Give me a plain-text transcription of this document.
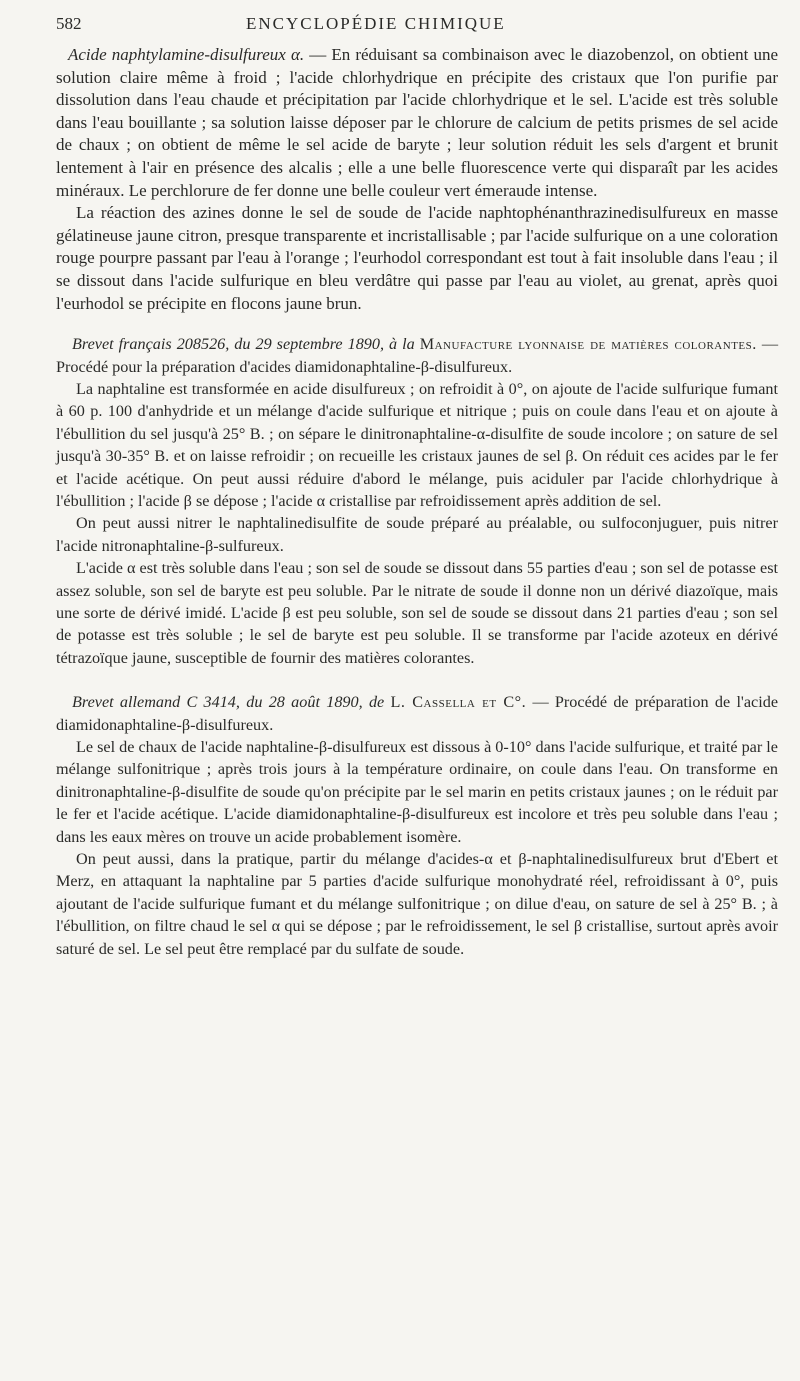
582	ENCYCLOPÉDIE CHIMIQUE

Acide naphtylamine-disulfureux α. — En réduisant sa combinaison avec le diazobenzol, on obtient une solution claire même à froid ; l'acide chlorhydrique en précipite des cristaux que l'on purifie par dissolution dans l'eau chaude et précipitation par l'acide chlorhydrique et le sel. L'acide est très soluble dans l'eau bouillante ; sa solution laisse déposer par le chlorure de calcium de petits prismes de sel acide de chaux ; on obtient de même le sel acide de baryte ; leur solution réduit les sels d'argent et brunit lentement à l'air en présence des alcalis ; elle a une belle fluorescence verte qui disparaît par les acides minéraux. Le perchlorure de fer donne une belle couleur vert émeraude intense.

La réaction des azines donne le sel de soude de l'acide naphtophénanthrazinedisulfureux en masse gélatineuse jaune citron, presque transparente et incristallisable ; par l'acide sulfurique on a une coloration rouge pourpre passant par l'eau à l'orange ; l'eurhodol correspondant est tout à fait insoluble dans l'eau ; il se dissout dans l'acide sulfurique en bleu verdâtre qui passe par l'eau au violet, au grenat, après quoi l'eurhodol se précipite en flocons jaune brun.

Brevet français 208526, du 29 septembre 1890, à la Manufacture lyonnaise de matières colorantes. — Procédé pour la préparation d'acides diamidonaphtaline-β-disulfureux.

La naphtaline est transformée en acide disulfureux ; on refroidit à 0°, on ajoute de l'acide sulfurique fumant à 60 p. 100 d'anhydride et un mélange d'acide sulfurique et nitrique ; puis on coule dans l'eau et on ajoute à l'ébullition du sel jusqu'à 25° B. ; on sépare le dinitronaphtaline-α-disulfite de soude incolore ; on sature de sel jusqu'à 30-35° B. et on laisse refroidir ; on recueille les cristaux jaunes de sel β. On réduit ces acides par le fer et l'acide acétique. On peut aussi réduire d'abord le mélange, puis aciduler par l'acide chlorhydrique à l'ébullition ; l'acide β se dépose ; l'acide α cristallise par refroidissement après addition de sel.

On peut aussi nitrer le naphtalinedisulfite de soude préparé au préalable, ou sulfoconjuguer, puis nitrer l'acide nitronaphtaline-β-sulfureux.

L'acide α est très soluble dans l'eau ; son sel de soude se dissout dans 55 parties d'eau ; son sel de potasse est assez soluble, son sel de baryte est peu soluble. Par le nitrate de soude il donne non un dérivé diazoïque, mais une sorte de dérivé imidé. L'acide β est peu soluble, son sel de soude se dissout dans 21 parties d'eau ; son sel de potasse est très soluble ; le sel de baryte est peu soluble. Il se transforme par l'acide azoteux en dérivé tétrazoïque jaune, susceptible de fournir des matières colorantes.

Brevet allemand C 3414, du 28 août 1890, de L. Cassella et C°. — Procédé de préparation de l'acide diamidonaphtaline-β-disulfureux.

Le sel de chaux de l'acide naphtaline-β-disulfureux est dissous à 0-10° dans l'acide sulfurique, et traité par le mélange sulfonitrique ; après trois jours à la température ordinaire, on coule dans l'eau. On transforme en dinitronaphtaline-β-disulfite de soude qu'on précipite par le sel marin en petits cristaux jaunes ; on le réduit par le fer et l'acide acétique. L'acide diamidonaphtaline-β-disulfureux est incolore et très peu soluble dans l'eau ; dans les eaux mères on trouve un acide probablement isomère.

On peut aussi, dans la pratique, partir du mélange d'acides-α et β-naphtalinedisulfureux brut d'Ebert et Merz, en attaquant la naphtaline par 5 parties d'acide sulfurique monohydraté réel, refroidissant à 0°, puis ajoutant de l'acide sulfurique fumant et du mélange sulfonitrique ; on dilue d'eau, on sature de sel à 25° B. ; à l'ébullition, on filtre chaud le sel α qui se dépose ; par le refroidissement, le sel β cristallise, surtout après avoir saturé de sel. Le sel peut être remplacé par du sulfate de soude.
